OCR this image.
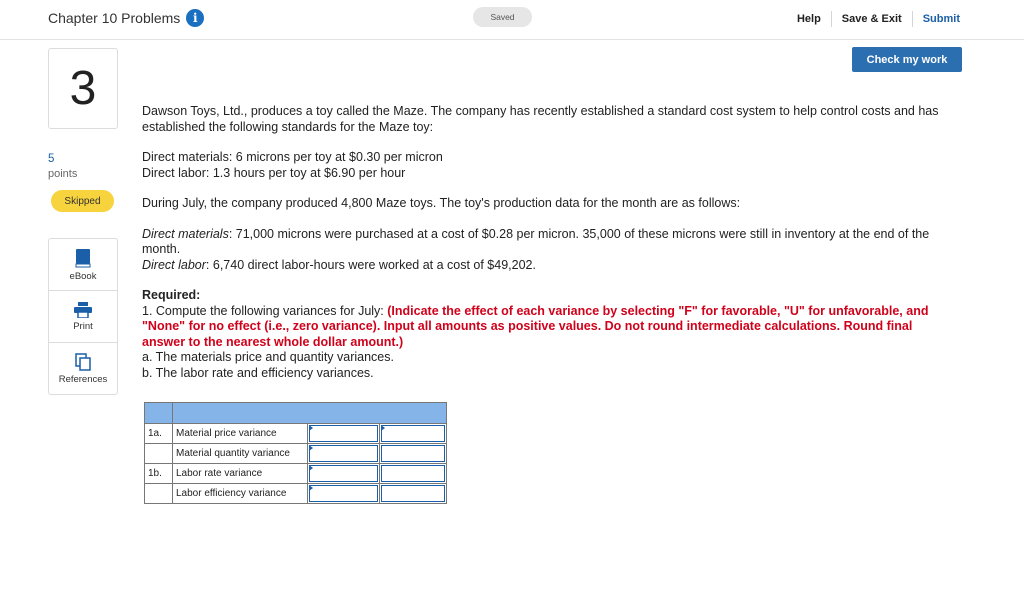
Chapter 10 Problems	i	Saved	Help	Save & Exit	Submit
3
5
points
Skipped
eBook
Print
References
Check my work

Dawson Toys, Ltd., produces a toy called the Maze. The company has recently established a standard cost system to help control costs and has established the following standards for the Maze toy:

Direct materials: 6 microns per toy at $0.30 per micron
Direct labor: 1.3 hours per toy at $6.90 per hour

During July, the company produced 4,800 Maze toys. The toy's production data for the month are as follows:

Direct materials: 71,000 microns were purchased at a cost of $0.28 per micron. 35,000 of these microns were still in inventory at the end of the month.
Direct labor: 6,740 direct labor-hours were worked at a cost of $49,202.

Required:
1. Compute the following variances for July: (Indicate the effect of each variance by selecting "F" for favorable, "U" for unfavorable, and "None" for no effect (i.e., zero variance). Input all amounts as positive values. Do not round intermediate calculations. Round final answer to the nearest whole dollar amount.)
a. The materials price and quantity variances.
b. The labor rate and efficiency variances.

1a.	Material price variance	

	Material quantity variance	

1b.	Labor rate variance	

	Labor efficiency variance	
